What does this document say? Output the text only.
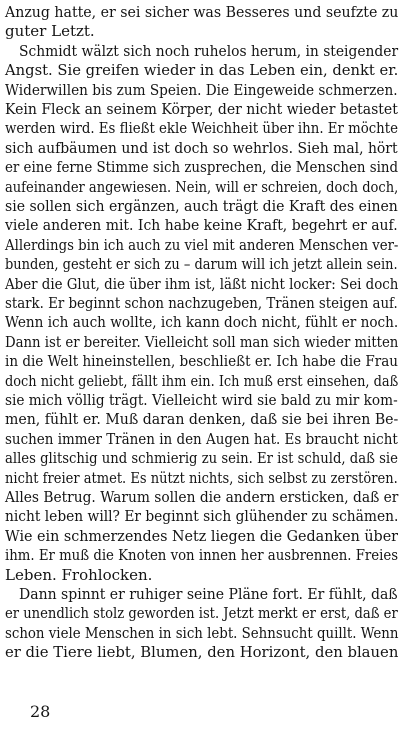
Anzug hatte, er sei sicher was Besseres und seufzte zu
guter Letzt.
Schmidt wälzt sich noch ruhelos herum, in steigender
Angst. Sie greifen wieder in das Leben ein, denkt er.
Widerwillen bis zum Speien. Die Eingeweide schmerzen.
Kein Fleck an seinem Körper, der nicht wieder betastet
werden wird. Es fließt ekle Weichheit über ihn. Er möchte
sich aufbäumen und ist doch so wehrlos. Sieh mal, hört
er eine ferne Stimme sich zusprechen, die Menschen sind
aufeinander angewiesen. Nein, will er schreien, doch doch,
sie sollen sich ergänzen, auch trägt die Kraft des einen
viele anderen mit. Ich habe keine Kraft, begehrt er auf.
Allerdings bin ich auch zu viel mit anderen Menschen ver-
bunden, gesteht er sich zu – darum will ich jetzt allein sein.
Aber die Glut, die über ihm ist, läßt nicht locker: Sei doch
stark. Er beginnt schon nachzugeben, Tränen steigen auf.
Wenn ich auch wollte, ich kann doch nicht, fühlt er noch.
Dann ist er bereiter. Vielleicht soll man sich wieder mitten
in die Welt hineinstellen, beschließt er. Ich habe die Frau
doch nicht geliebt, fällt ihm ein. Ich muß erst einsehen, daß
sie mich völlig trägt. Vielleicht wird sie bald zu mir kom-
men, fühlt er. Muß daran denken, daß sie bei ihren Be-
suchen immer Tränen in den Augen hat. Es braucht nicht
alles glitschig und schmierig zu sein. Er ist schuld, daß sie
nicht freier atmet. Es nützt nichts, sich selbst zu zerstören.
Alles Betrug. Warum sollen die andern ersticken, daß er
nicht leben will? Er beginnt sich glühender zu schämen.
Wie ein schmerzendes Netz liegen die Gedanken über
ihm. Er muß die Knoten von innen her ausbrennen. Freies
Leben. Frohlocken.
Dann spinnt er ruhiger seine Pläne fort. Er fühlt, daß
er unendlich stolz geworden ist. Jetzt merkt er erst, daß er
schon viele Menschen in sich lebt. Sehnsucht quillt. Wenn
er die Tiere liebt, Blumen, den Horizont, den blauen
28
